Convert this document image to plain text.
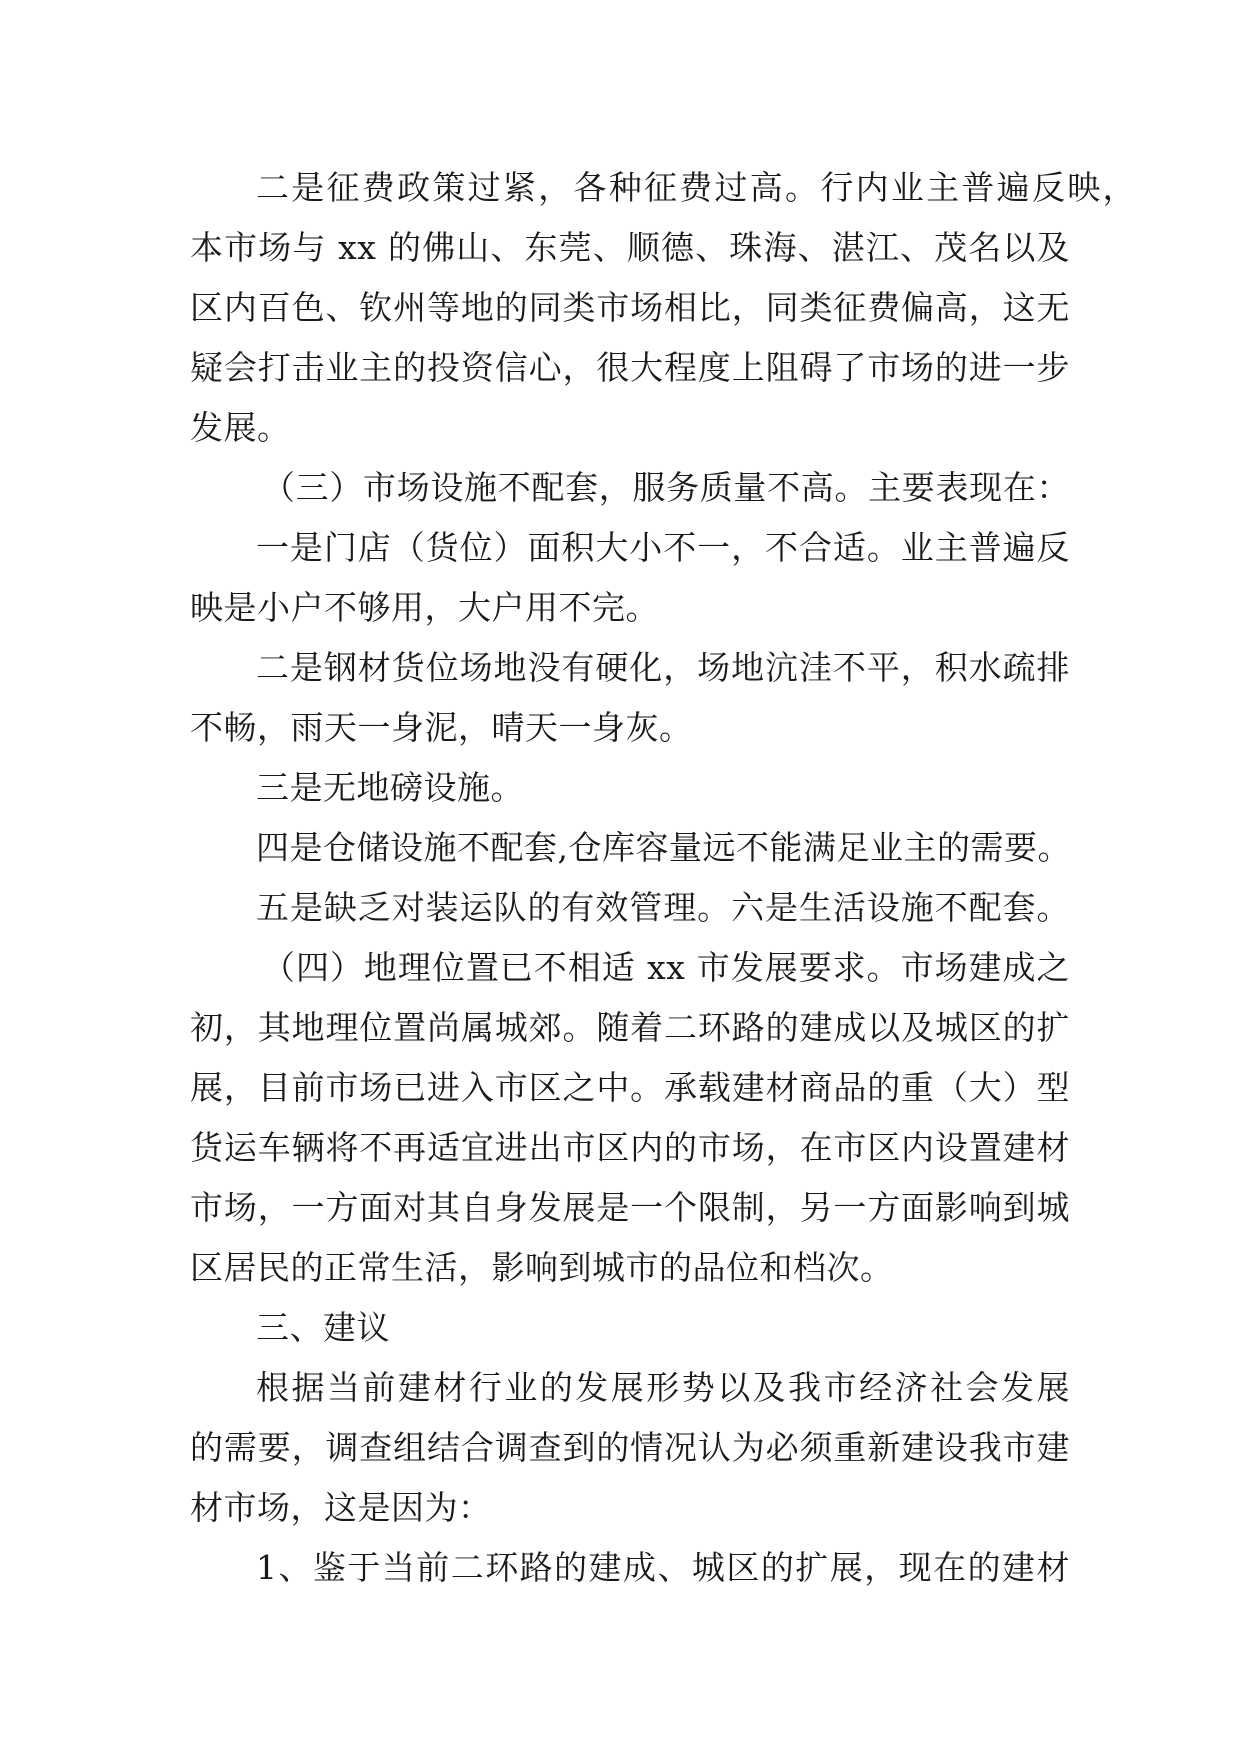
二是征费政策过紧，各种征费过高。行内业主普遍反映，
本市场与 xx 的佛山、东莞、顺德、珠海、湛江、茂名以及
区内百色、钦州等地的同类市场相比，同类征费偏高，这无
疑会打击业主的投资信心，很大程度上阻碍了市场的进一步
发展。
（三）市场设施不配套，服务质量不高。主要表现在：
一是门店（货位）面积大小不一，不合适。业主普遍反
映是小户不够用，大户用不完。
二是钢材货位场地没有硬化，场地沆洼不平，积水疏排
不畅，雨天一身泥，晴天一身灰。
三是无地磅设施。
四是仓储设施不配套,仓库容量远不能满足业主的需要。
五是缺乏对装运队的有效管理。六是生活设施不配套。
（四）地理位置已不相适 xx 市发展要求。市场建成之
初，其地理位置尚属城郊。随着二环路的建成以及城区的扩
展，目前市场已进入市区之中。承载建材商品的重（大）型
货运车辆将不再适宜进出市区内的市场，在市区内设置建材
市场，一方面对其自身发展是一个限制，另一方面影响到城
区居民的正常生活，影响到城市的品位和档次。
三、建议
根据当前建材行业的发展形势以及我市经济社会发展
的需要，调查组结合调查到的情况认为必须重新建设我市建
材市场，这是因为：
1、鉴于当前二环路的建成、城区的扩展，现在的建材
